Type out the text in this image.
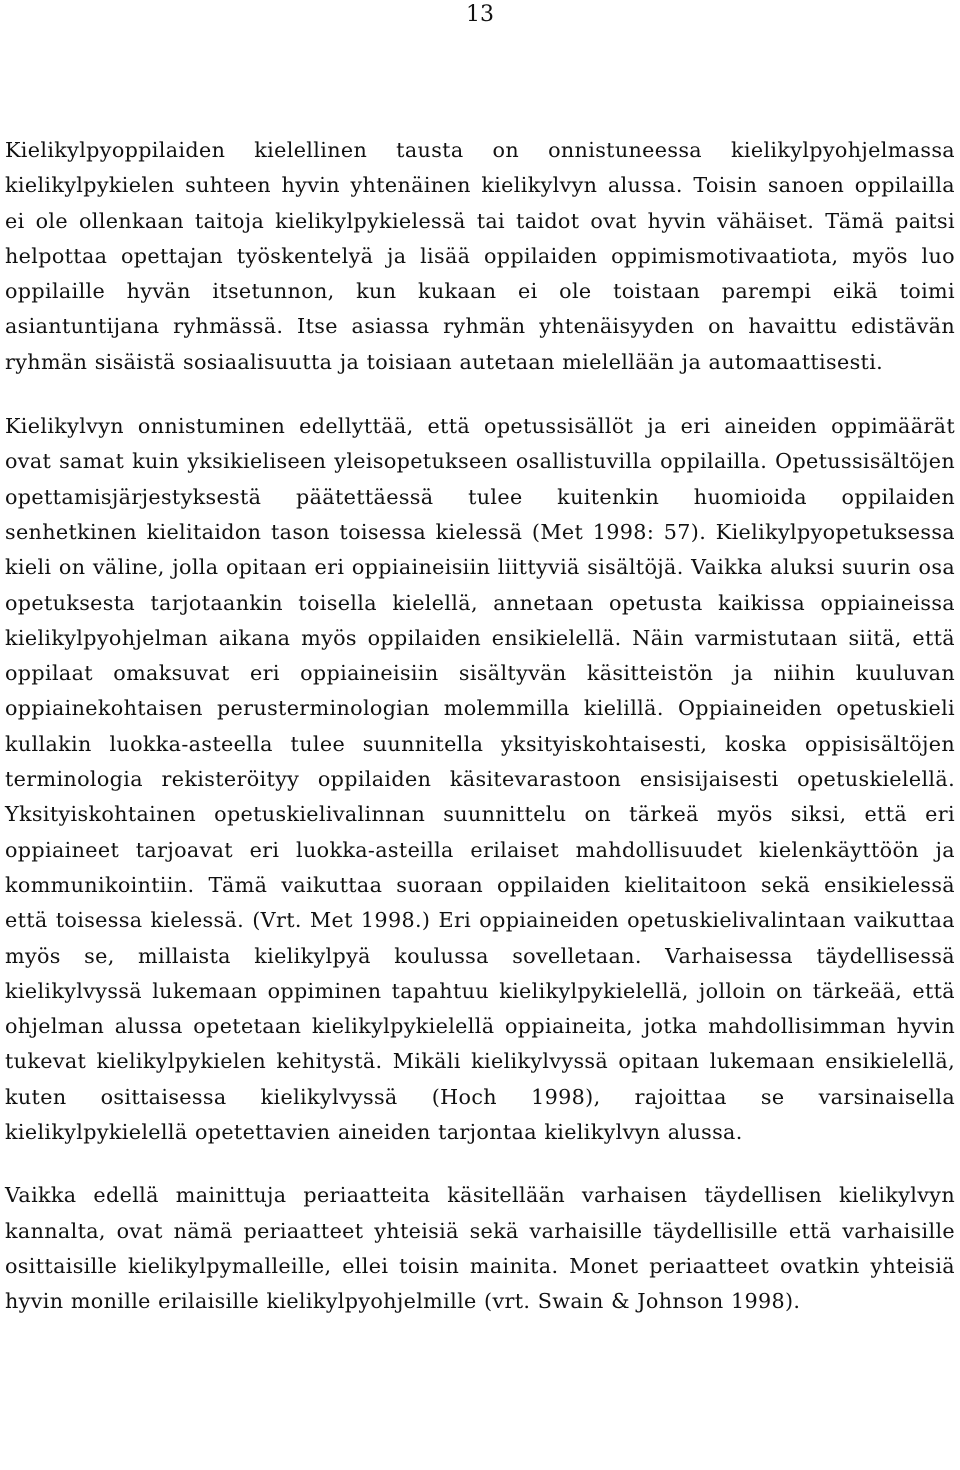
13

Kielikylpyoppilaiden kielellinen tausta on onnistuneessa kielikylpyohjelmassa kielikylpykielen suhteen hyvin yhtenäinen kielikylvyn alussa. Toisin sanoen oppilailla ei ole ollenkaan taitoja kielikylpykielessä tai taidot ovat hyvin vähäiset. Tämä paitsi helpottaa opettajan työskentelyä ja lisää oppilaiden oppimismotivaatiota, myös luo oppilaille hyvän itsetunnon, kun kukaan ei ole toistaan parempi eikä toimi asiantuntijana ryhmässä. Itse asiassa ryhmän yhtenäisyyden on havaittu edistävän ryhmän sisäistä sosiaalisuutta ja toisiaan autetaan mielellään ja automaattisesti.

Kielikylvyn onnistuminen edellyttää, että opetussisällöt ja eri aineiden oppimäärät ovat samat kuin yksikieliseen yleisopetukseen osallistuvilla oppilailla. Opetussisältöjen opettamisjärjestyksestä päätettäessä tulee kuitenkin huomioida oppilaiden senhetkinen kielitaidon tason toisessa kielessä (Met 1998: 57). Kielikylpyopetuksessa kieli on väline, jolla opitaan eri oppiaineisiin liittyviä sisältöjä. Vaikka aluksi suurin osa opetuksesta tarjotaankin toisella kielellä, annetaan opetusta kaikissa oppiaineissa kielikylpyohjelman aikana myös oppilaiden ensikielellä. Näin varmistutaan siitä, että oppilaat omaksuvat eri oppiaineisiin sisältyvän käsitteistön ja niihin kuuluvan oppiainekohtaisen perusterminologian molemmilla kielillä. Oppiaineiden opetuskieli kullakin luokka-asteella tulee suunnitella yksityiskohtaisesti, koska oppisisältöjen terminologia rekisteröityy oppilaiden käsitevarastoon ensisijaisesti opetuskielellä. Yksityiskohtainen opetuskielivalinnan suunnittelu on tärkeä myös siksi, että eri oppiaineet tarjoavat eri luokka-asteilla erilaiset mahdollisuudet kielenkäyttöön ja kommunikointiin. Tämä vaikuttaa suoraan oppilaiden kielitaitoon sekä ensikielessä että toisessa kielessä. (Vrt. Met 1998.) Eri oppiaineiden opetuskielivalintaan vaikuttaa myös se, millaista kielikylpyä koulussa sovelletaan. Varhaisessa täydellisessä kielikylvyssä lukemaan oppiminen tapahtuu kielikylpykielellä, jolloin on tärkeää, että ohjelman alussa opetetaan kielikylpykielellä oppiaineita, jotka mahdollisimman hyvin tukevat kielikylpykielen kehitystä. Mikäli kielikylvyssä opitaan lukemaan ensikielellä, kuten osittaisessa kielikylvyssä (Hoch 1998), rajoittaa se varsinaisella kielikylpykielellä opetettavien aineiden tarjontaa kielikylvyn alussa.

Vaikka edellä mainittuja periaatteita käsitellään varhaisen täydellisen kielikylvyn kannalta, ovat nämä periaatteet yhteisiä sekä varhaisille täydellisille että varhaisille osittaisille kielikylpymalleille, ellei toisin mainita. Monet periaatteet ovatkin yhteisiä hyvin monille erilaisille kielikylpyohjelmille (vrt. Swain & Johnson 1998).
